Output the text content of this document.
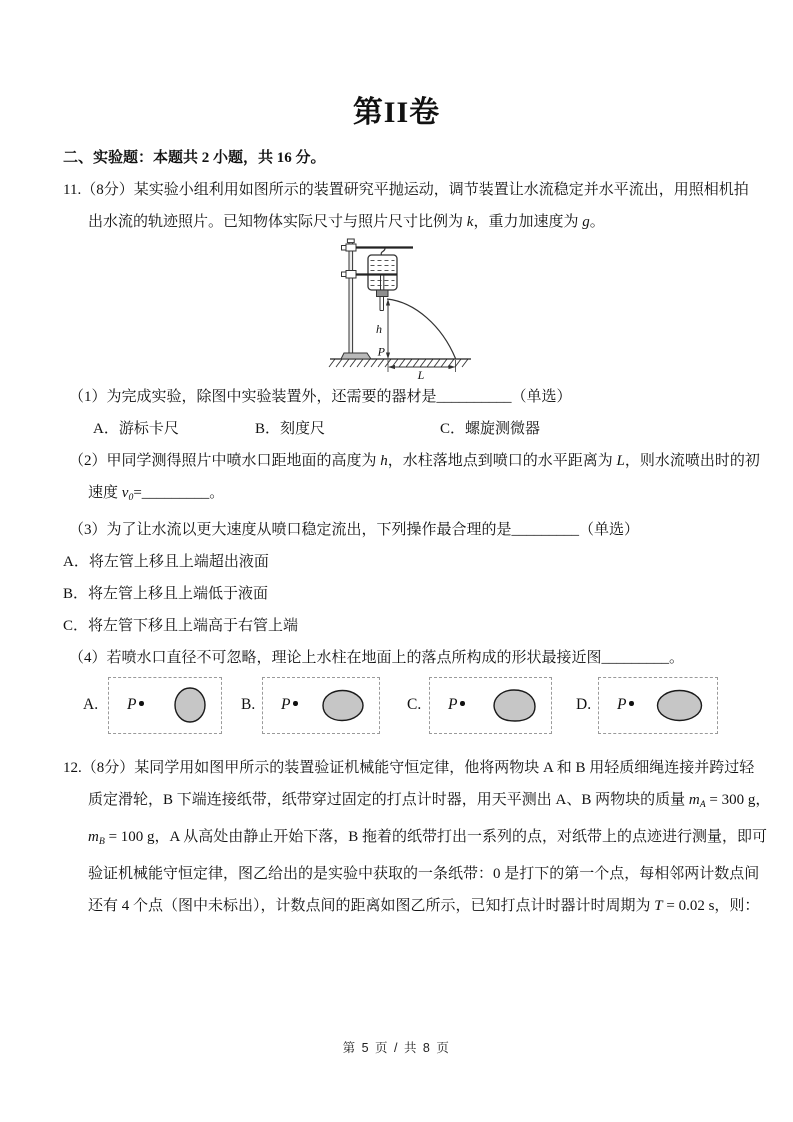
第II卷
二、实验题：本题共 2 小题，共 16 分。
11.（8分）某实验小组利用如图所示的装置研究平抛运动，调节装置让水流稳定并水平流出，用照相机拍
出水流的轨迹照片。已知物体实际尺寸与照片尺寸比例为 k，重力加速度为 g。
h
P
L
（1）为完成实验，除图中实验装置外，还需要的器材是__________（单选）
A．游标卡尺	B．刻度尺	C．螺旋测微器
（2）甲同学测得照片中喷水口距地面的高度为 h，水柱落地点到喷口的水平距离为 L，则水流喷出时的初
速度 v0=_________。
（3）为了让水流以更大速度从喷口稳定流出，下列操作最合理的是_________（单选）
A．将左管上移且上端超出液面
B．将左管上移且上端低于液面
C．将左管下移且上端高于右管上端
（4）若喷水口直径不可忽略，理论上水柱在地面上的落点所构成的形状最接近图_________。
A. P	B. P	C. P	D. P
12.（8分）某同学用如图甲所示的装置验证机械能守恒定律，他将两物块 A 和 B 用轻质细绳连接并跨过轻
质定滑轮，B 下端连接纸带，纸带穿过固定的打点计时器，用天平测出 A、B 两物块的质量 mA = 300 g，
mB = 100 g，A 从高处由静止开始下落，B 拖着的纸带打出一系列的点，对纸带上的点迹进行测量，即可
验证机械能守恒定律，图乙给出的是实验中获取的一条纸带：0 是打下的第一个点，每相邻两计数点间
还有 4 个点（图中未标出），计数点间的距离如图乙所示，已知打点计时器计时周期为 T = 0.02 s，则：
第 5 页 / 共 8 页
